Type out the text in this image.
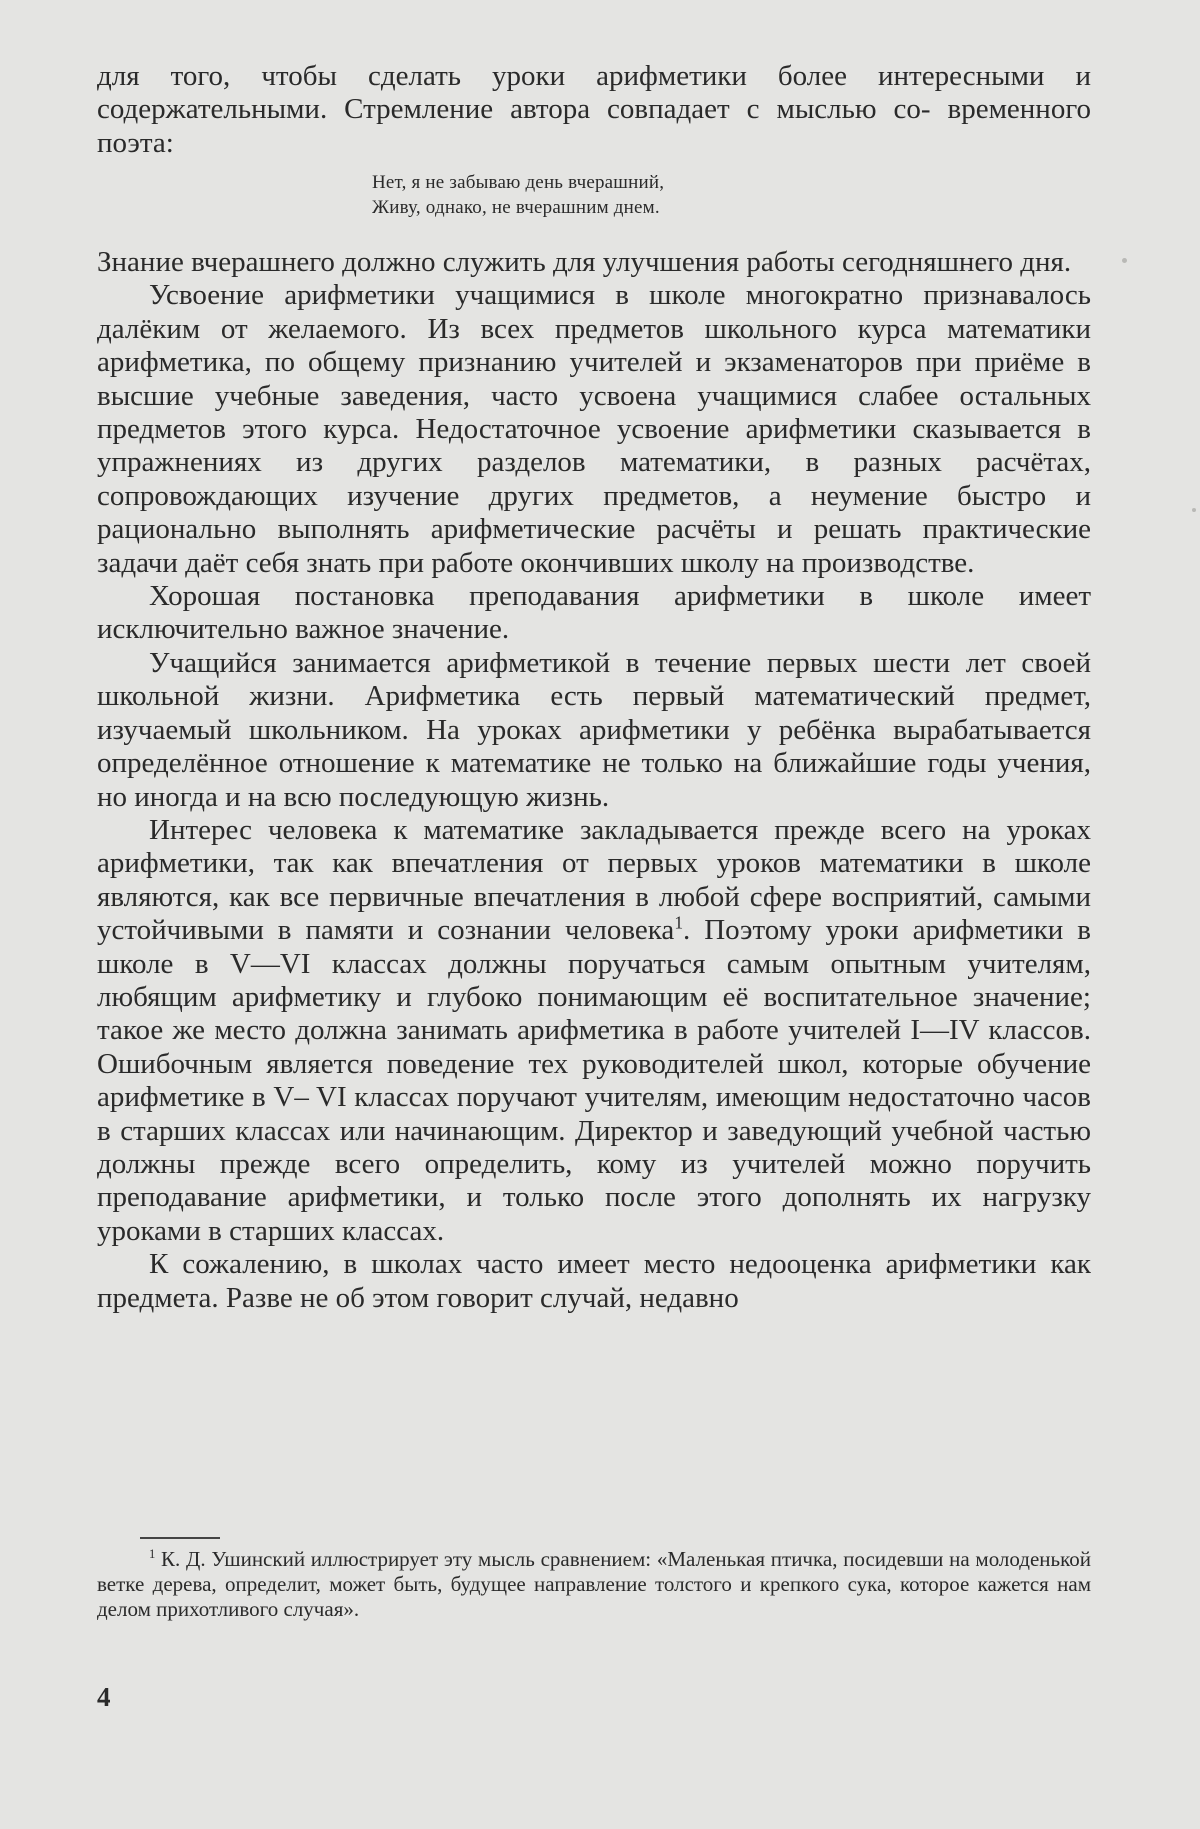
для того, чтобы сделать уроки арифметики более интересными и содержательными. Стремление автора совпадает с мыслью со- временного поэта:

Нет, я не забываю день вчерашний,
Живу, однако, не вчерашним днем.

Знание вчерашнего должно служить для улучшения работы сегодняшнего дня.

Усвоение арифметики учащимися в школе многократно признавалось далёким от желаемого. Из всех предметов школьного курса математики арифметика, по общему признанию учителей и экзаменаторов при приёме в высшие учебные заведения, часто усвоена учащимися слабее остальных предметов этого курса. Недостаточное усвоение арифметики сказывается в упражнениях из других разделов математики, в разных расчётах, сопровождающих изучение других предметов, а неумение быстро и рационально выполнять арифметические расчёты и решать практические задачи даёт себя знать при работе окончивших школу на производстве.

Хорошая постановка преподавания арифметики в школе имеет исключительно важное значение.

Учащийся занимается арифметикой в течение первых шести лет своей школьной жизни. Арифметика есть первый математический предмет, изучаемый школьником. На уроках арифметики у ребёнка вырабатывается определённое отношение к математике не только на ближайшие годы учения, но иногда и на всю последующую жизнь.

Интерес человека к математике закладывается прежде всего на уроках арифметики, так как впечатления от первых уроков математики в школе являются, как все первичные впечатления в любой сфере восприятий, самыми устойчивыми в памяти и сознании человека$^1$. Поэтому уроки арифметики в школе в V—VI классах должны поручаться самым опытным учителям, любящим арифметику и глубоко понимающим её воспитательное значение; такое же место должна занимать арифметика в работе учителей I—IV классов. Ошибочным является поведение тех руководителей школ, которые обучение арифметике в V– VI классах поручают учителям, имеющим недостаточно часов в старших классах или начинающим. Директор и заведующий учебной частью должны прежде всего определить, кому из учителей можно поручить преподавание арифметики, и только после этого дополнять их нагрузку уроками в старших классах.

К сожалению, в школах часто имеет место недооценка арифметики как предмета. Разве не об этом говорит случай, недавно

$^1$ К. Д. Ушинский иллюстрирует эту мысль сравнением: «Маленькая птичка, посидевши на молоденькой ветке дерева, определит, может быть, будущее направление толстого и крепкого сука, которое кажется нам делом прихотливого случая».

4
